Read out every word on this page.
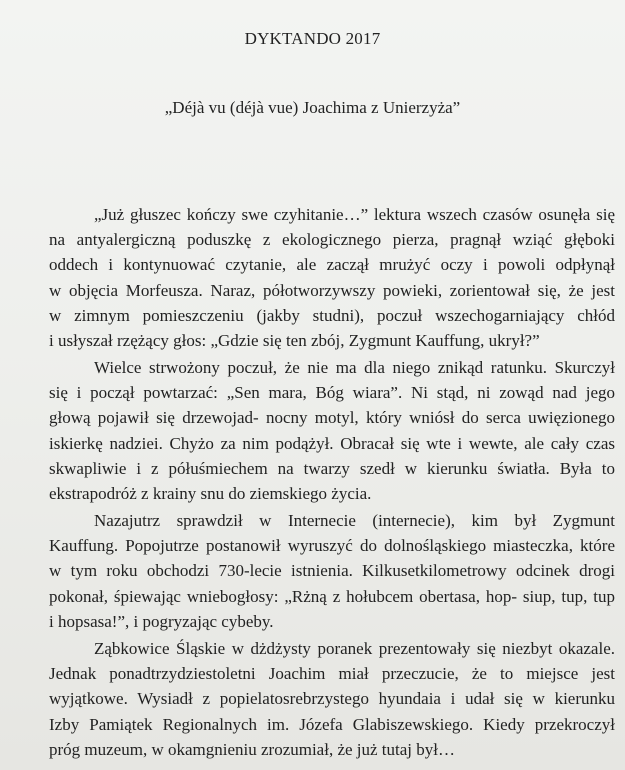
DYKTANDO 2017
„Déjà vu (déjà vue) Joachima z Unierzyża”
„Już głuszec kończy swe czyhitanie…” lektura wszech czasów osunęła się
na antyalergiczną poduszkę z ekologicznego pierza, pragnął wziąć głęboki
oddech i kontynuować czytanie, ale zaczął mrużyć oczy i powoli odpłynął
w objęcia Morfeusza. Naraz, półotworzywszy powieki, zorientował się, że jest
w zimnym pomieszczeniu (jakby studni), poczuł wszechogarniający chłód
i usłyszał rzężący głos: „Gdzie się ten zbój, Zygmunt Kauffung, ukrył?”
Wielce strwożony poczuł, że nie ma dla niego znikąd ratunku. Skurczył
się i począł powtarzać: „Sen mara, Bóg wiara”. Ni stąd, ni zowąd nad jego
głową pojawił się drzewojad- nocny motyl, który wniósł do serca uwięzionego
iskierkę nadziei. Chyżo za nim podążył. Obracał się wte i wewte, ale cały czas
skwapliwie i z półuśmiechem na twarzy szedł w kierunku światła. Była to
ekstrapodróż z krainy snu do ziemskiego życia.
Nazajutrz sprawdził w Internecie (internecie), kim był Zygmunt
Kauffung. Popojutrze postanowił wyruszyć do dolnośląskiego miasteczka, które
w tym roku obchodzi 730-lecie istnienia. Kilkusetkilometrowy odcinek drogi
pokonał, śpiewając wniebogłosy: „Rżną z hołubcem obertasa, hop- siup, tup, tup
i hopsasa!”, i pogryzając cybeby.
Ząbkowice Śląskie w dżdżysty poranek prezentowały się niezbyt okazale.
Jednak ponadtrzydziestoletni Joachim miał przeczucie, że to miejsce jest
wyjątkowe. Wysiadł z popielatosrebrzystego hyundaia i udał się w kierunku
Izby Pamiątek Regionalnych im. Józefa Glabiszewskiego. Kiedy przekroczył
próg muzeum, w okamgnieniu zrozumiał, że już tutaj był…
